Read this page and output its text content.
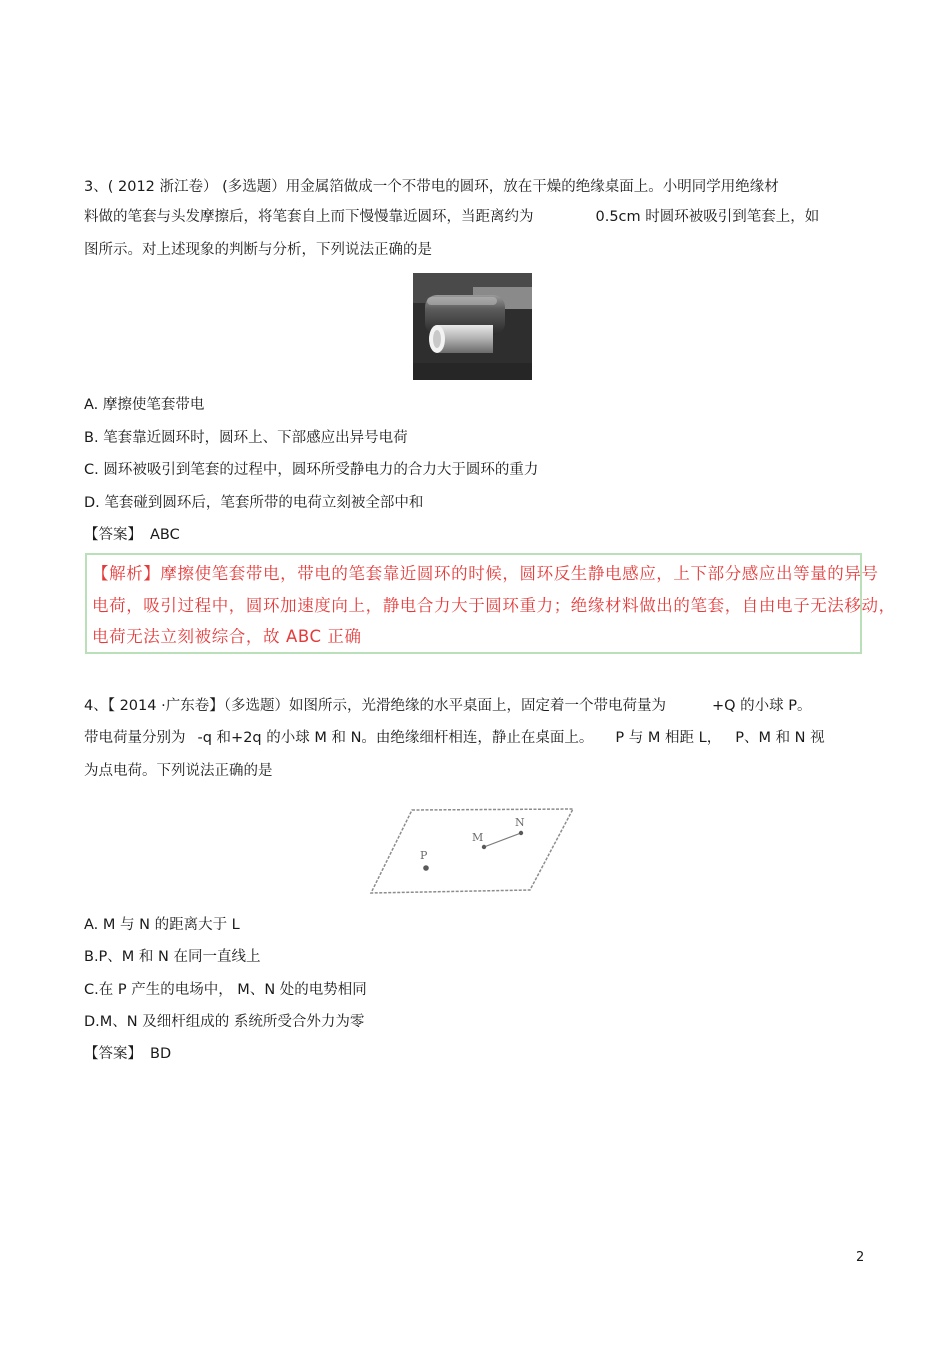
3、( 2012 浙江卷） (多选题）用金属箔做成一个不带电的圆环，放在干燥的绝缘桌面上。小明同学用绝缘材
料做的笔套与头发摩擦后，将笔套自上而下慢慢靠近圆环，当距离约为	0.5cm 时圆环被吸引到笔套上，如
图所示。对上述现象的判断与分析，下列说法正确的是
A. 摩擦使笔套带电
B. 笔套靠近圆环时，圆环上、下部感应出异号电荷
C. 圆环被吸引到笔套的过程中，圆环所受静电力的合力大于圆环的重力
D. 笔套碰到圆环后，笔套所带的电荷立刻被全部中和
【答案】 ABC
【解析】摩擦使笔套带电，带电的笔套靠近圆环的时候，圆环反生静电感应，上下部分感应出等量的异号
电荷，吸引过程中，圆环加速度向上，静电合力大于圆环重力；绝缘材料做出的笔套，自由电子无法移动，
电荷无法立刻被综合，故 ABC 正确
4、【 2014 ·广东卷】（多选题）如图所示，光滑绝缘的水平桌面上，固定着一个带电荷量为	+Q 的小球 P。
带电荷量分别为 -q 和+2q 的小球 M 和 N。由绝缘细杆相连，静止在桌面上。 P 与 M 相距 L， P、M 和 N 视
为点电荷。下列说法正确的是
P
M
N
A. M 与 N 的距离大于 L
B.P、M 和 N 在同一直线上
C.在 P 产生的电场中， M、N 处的电势相同
D.M、N 及细杆组成的 系统所受合外力为零
【答案】 BD
2
